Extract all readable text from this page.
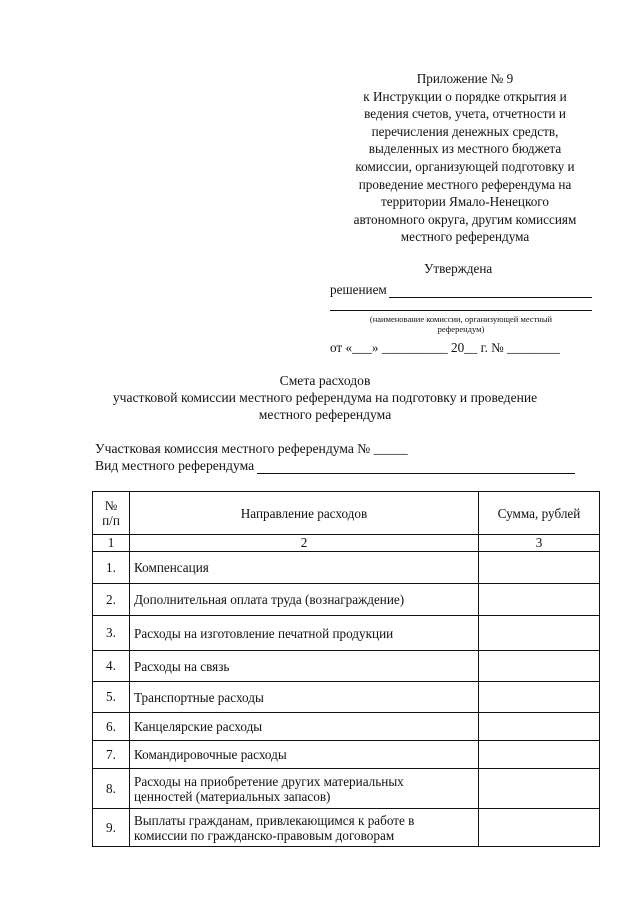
Приложение № 9
к Инструкции о порядке открытия и
ведения счетов, учета, отчетности и
перечисления денежных средств,
выделенных из местного бюджета
комиссии, организующей подготовку и
проведение местного референдума на
территории Ямало-Ненецкого
автономного округа, другим комиссиям
местного референдума
Утверждена
решением
(наименование комиссии, организующей местный
референдум)
от «___» __________ 20__ г. № ________
Смета расходов
участковой комиссии местного референдума на подготовку и проведение
местного референдума
Участковая комиссия местного референдума № _____
Вид местного референдума
№
п/п	Направление расходов	Сумма, рублей
1	2	3
1.	Компенсация	

2.	Дополнительная оплата труда (вознаграждение)	

3.	Расходы на изготовление печатной продукции	

4.	Расходы на связь	

5.	Транспортные расходы	

6.	Канцелярские расходы	

7.	Командировочные расходы	

8.	Расходы на приобретение других материальных
ценностей (материальных запасов)	

9.	Выплаты гражданам, привлекающимся к работе в
комиссии по гражданско-правовым договорам	
